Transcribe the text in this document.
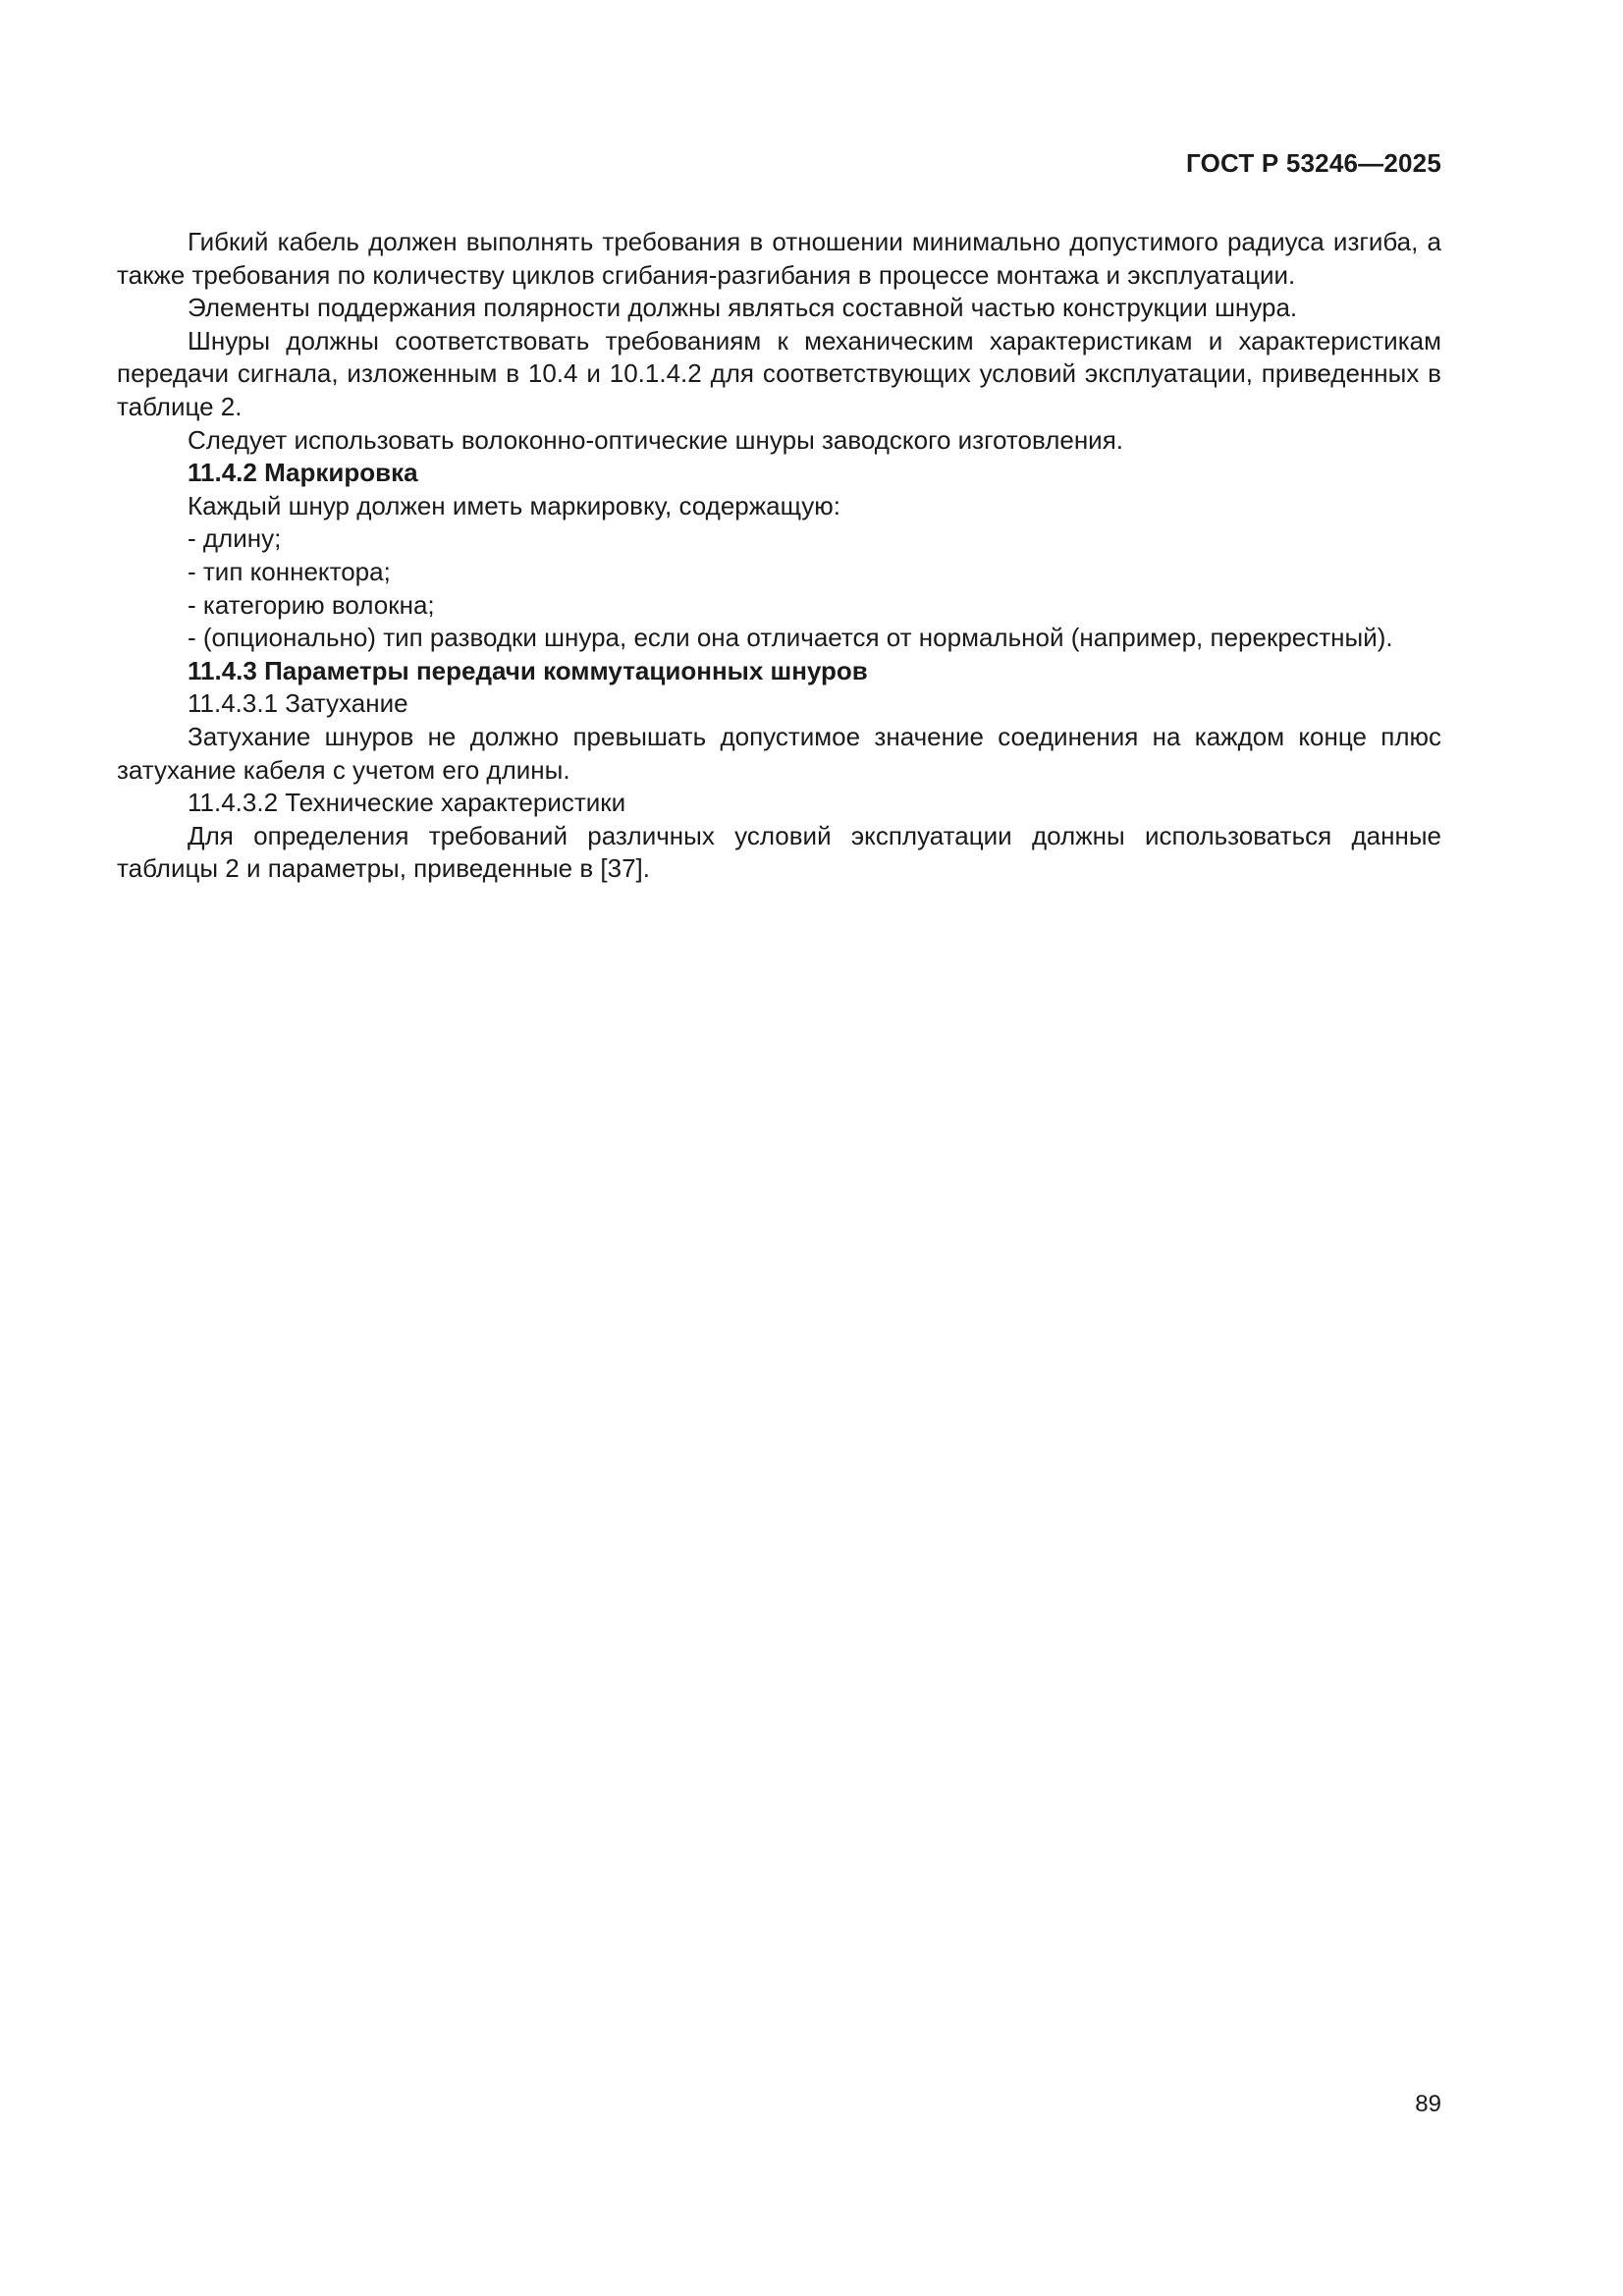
ГОСТ Р 53246—2025

Гибкий кабель должен выполнять требования в отношении минимально допустимого радиуса изгиба, а также требования по количеству циклов сгибания-разгибания в процессе монтажа и эксплуатации.

Элементы поддержания полярности должны являться составной частью конструкции шнура.

Шнуры должны соответствовать требованиям к механическим характеристикам и характеристикам передачи сигнала, изложенным в 10.4 и 10.1.4.2 для соответствующих условий эксплуатации, приведенных в таблице 2.

Следует использовать волоконно-оптические шнуры заводского изготовления.

11.4.2 Маркировка

Каждый шнур должен иметь маркировку, содержащую:

- длину;

- тип коннектора;

- категорию волокна;

- (опционально) тип разводки шнура, если она отличается от нормальной (например, перекрестный).

11.4.3 Параметры передачи коммутационных шнуров

11.4.3.1 Затухание

Затухание шнуров не должно превышать допустимое значение соединения на каждом конце плюс затухание кабеля с учетом его длины.

11.4.3.2 Технические характеристики

Для определения требований различных условий эксплуатации должны использоваться данные таблицы 2 и параметры, приведенные в [37].

89
